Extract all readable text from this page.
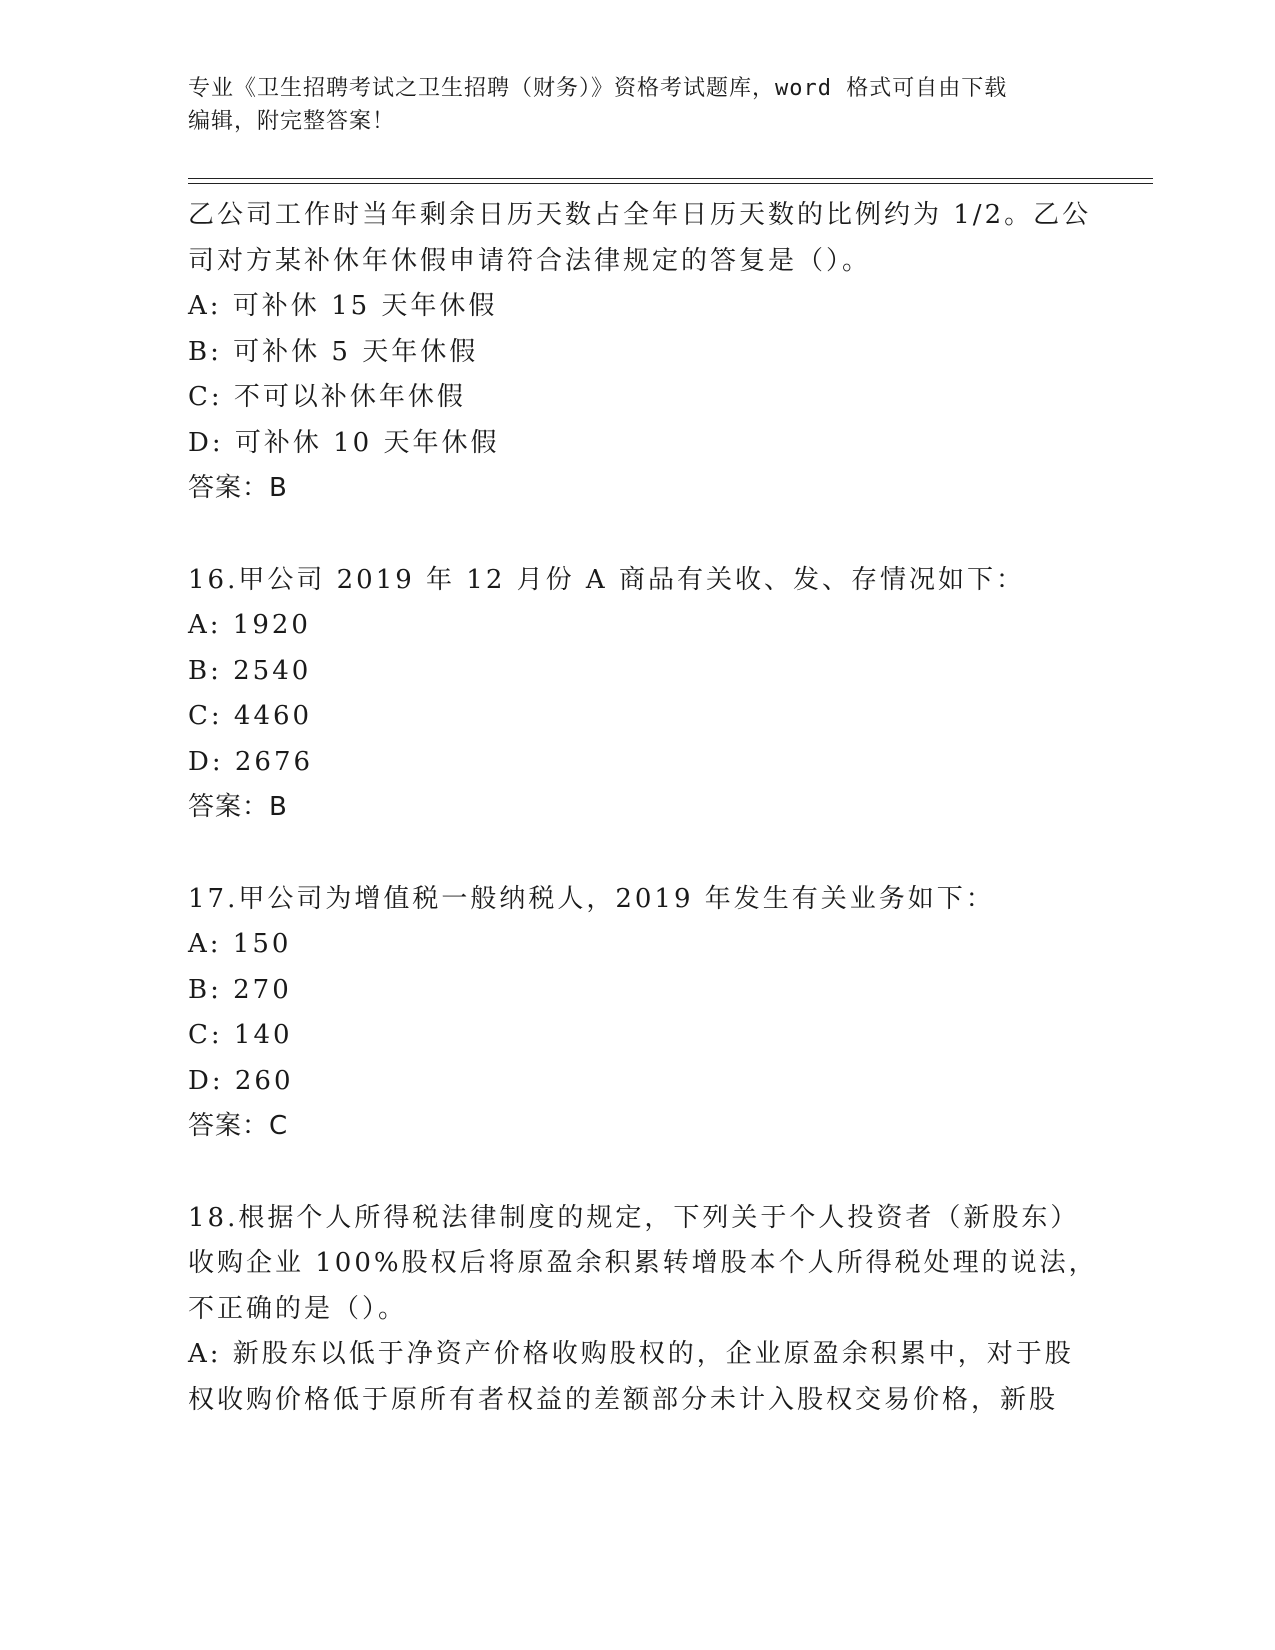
专业《卫生招聘考试之卫生招聘（财务）》资格考试题库，word 格式可自由下载
编辑，附完整答案！
乙公司工作时当年剩余日历天数占全年日历天数的比例约为 1/2。乙公
司对方某补休年休假申请符合法律规定的答复是（）。
A: 可补休 15 天年休假
B: 可补休 5 天年休假
C: 不可以补休年休假
D: 可补休 10 天年休假
答案：B
16.甲公司 2019 年 12 月份 A 商品有关收、发、存情况如下：
A: 1920
B: 2540
C: 4460
D: 2676
答案：B
17.甲公司为增值税一般纳税人，2019 年发生有关业务如下：
A: 150
B: 270
C: 140
D: 260
答案：C
18.根据个人所得税法律制度的规定，下列关于个人投资者（新股东）
收购企业 100%股权后将原盈余积累转增股本个人所得税处理的说法，
不正确的是（）。
A: 新股东以低于净资产价格收购股权的，企业原盈余积累中，对于股
权收购价格低于原所有者权益的差额部分未计入股权交易价格，新股
